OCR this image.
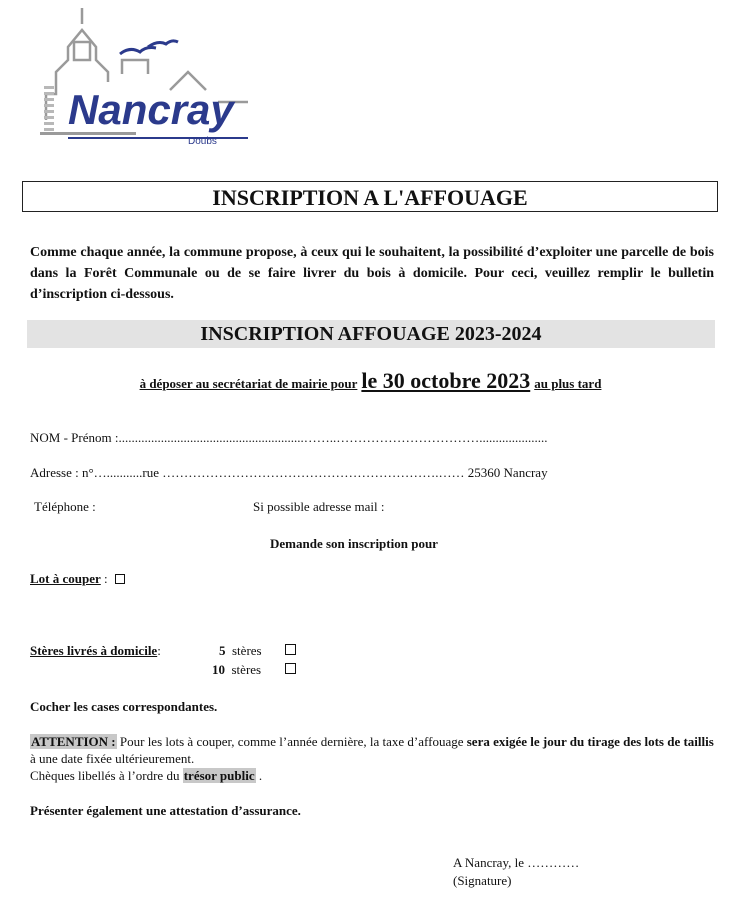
Nancray
Doubs
INSCRIPTION A L'AFFOUAGE
Comme chaque année, la commune propose, à ceux qui le souhaitent, la possibilité d’exploiter une parcelle de bois dans la Forêt Communale ou de se faire livrer du bois à domicile. Pour ceci, veuillez remplir le bulletin d’inscription ci-dessous.
INSCRIPTION AFFOUAGE 2023-2024
à déposer au secrétariat de mairie pour le 30 octobre 2023 au plus tard
NOM - Prénom :.........................................................……..…………………………….....................
Adresse : n°…...........rue ……………………………………………………….…… 25360 Nancray
Téléphone :	Si possible adresse mail :
Demande son inscription pour
Lot à couper :
Stères livrés à domicile:	5 stères
10 stères
Cocher les cases correspondantes.
ATTENTION : Pour les lots à couper, comme l’année dernière, la taxe d’affouage sera exigée le jour du tirage des lots de taillis à une date fixée ultérieurement.
Chèques libellés à l’ordre du trésor public .
Présenter également une attestation d’assurance.
A Nancray, le …………
(Signature)
